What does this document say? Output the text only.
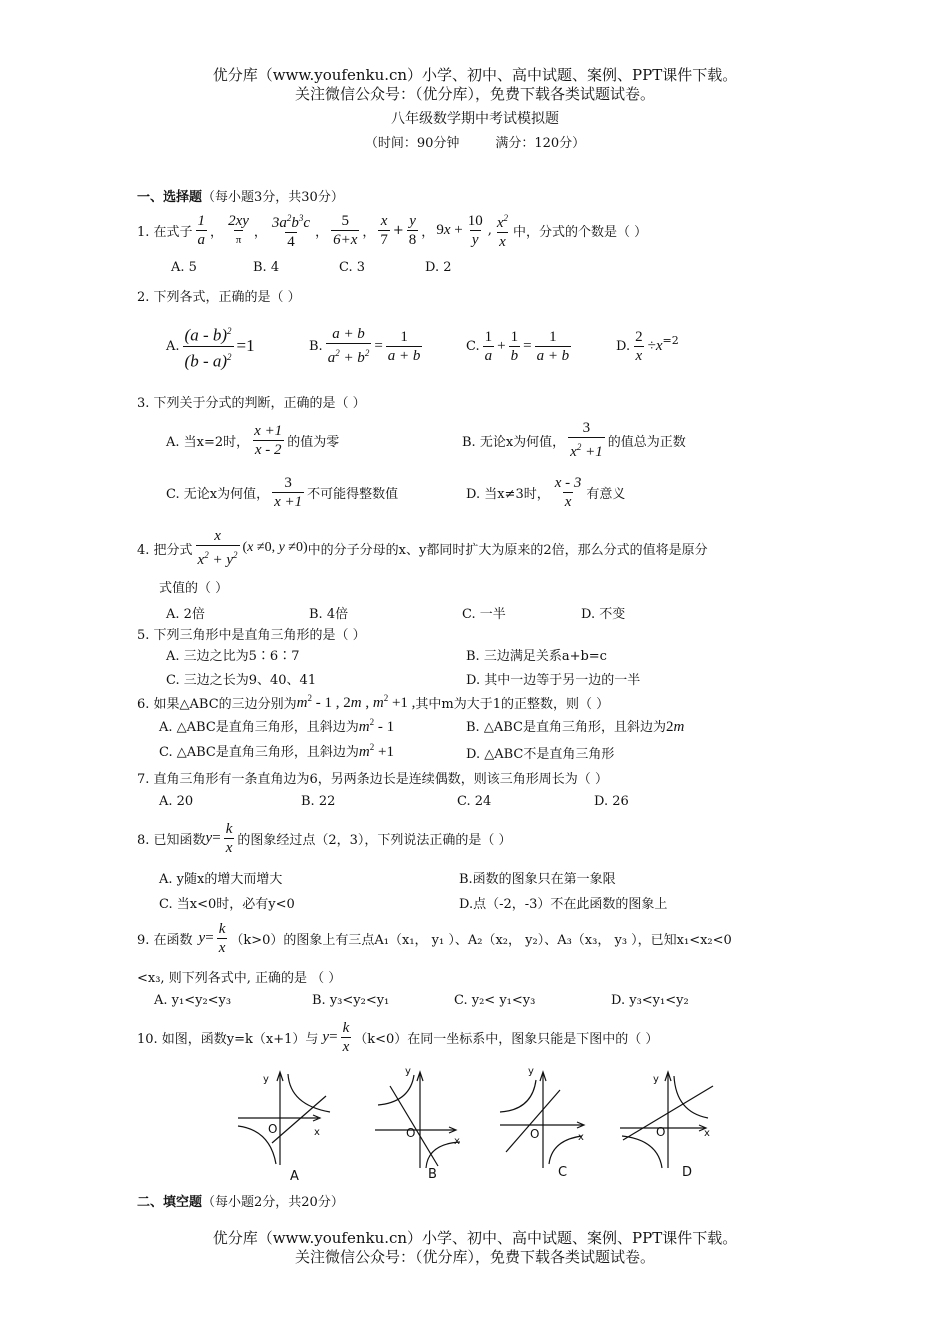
优分库（www.youfenku.cn）小学、初中、高中试题、案例、PPT课件下载。
关注微信公众号：（优分库），免费下载各类试题试卷。
八年级数学期中考试模拟题
（时间：90分钟	满分：120分）
一、选择题（每小题3分，共30分）
1. 在式子 $\frac{1}{a}$ ， $\frac{2xy}{\pi}$ ， $\frac{3a^2b^3c}{4}$ ， $\frac{5}{6+x}$ ， $\frac{x}{7} + \frac{y}{8}$ ， $9x + \frac{10}{y}$ , $\frac{x^2}{x}$ 中，分式的个数是（ ）
A. 5	B. 4	C. 3	D. 2
2. 下列各式，正确的是（ ）
A. $\frac{(a - b)^2}{(b - a)^2} =1$	B. $\frac{a + b}{a^2 + b^2} = \frac{1}{a + b}$	C. $\frac{1}{a} + \frac{1}{b} = \frac{1}{a + b}$	D. $\frac{2}{x} \div x =2$
3. 下列关于分式的判断，正确的是（ ）
A. 当x=2时， $\frac{x +1}{x - 2}$ 的值为零	B. 无论x为何值， $\frac{3}{x^2 +1}$ 的值总为正数
C. 无论x为何值， $\frac{3}{x +1}$ 不可能得整数值	D. 当x≠3时， $\frac{x - 3}{x}$ 有意义
4. 把分式 $\frac{x}{x^2 + y^2} (x \ne 0$, y ≠0) 中的分子分母的x、y都同时扩大为原来的2倍，那么分式的值将是原分
式值的（ ）
A. 2倍	B. 4倍	C. 一半	D. 不变
5. 下列三角形中是直角三角形的是（ ）
A. 三边之比为5∶6∶7	B. 三边满足关系a+b=c
C. 三边之长为9、40、41	D. 其中一边等于另一边的一半
6. 如果△ABC的三边分别为 $m^2 - 1$ , 2m , $m^2 +1$ , 其中m为大于1的正整数，则（ ）
A. △ABC是直角三角形，且斜边为$m^2 - 1$	B. △ABC是直角三角形，且斜边为2m
C. △ABC是直角三角形，且斜边为$m^2 +1$	D. △ABC不是直角三角形
7. 直角三角形有一条直角边为6，另两条边长是连续偶数，则该三角形周长为（ ）
A. 20	B. 22	C. 24	D. 26
8. 已知函数 $y = \frac{k}{x}$ 的图象经过点（2，3），下列说法正确的是（ ）
A. y随x的增大而增大	B.函数的图象只在第一象限
C. 当x<0时，必有y<0	D.点（-2，-3）不在此函数的图象上
9. 在函数 $y = \frac{k}{x} (k>0)$的图象上有三点A₁（x₁， y₁ ）、A₂（x₂， y₂）、A₃（x₃， y₃ ），已知x₁<x₂<0
<x₃, 则下列各式中, 正确的是 （ ）
A. y₁<y₂<y₃	B. y₃<y₂<y₁	C. y₂< y₁<y₃	D. y₃<y₁<y₂
10. 如图，函数y=k（x+1）与 $y = \frac{k}{x} (k<0)$在同一坐标系中，图象只能是下图中的（ ）
y
x
O
A
y
x
O
B
y
x
O
C
y
x
O
D
二、填空题（每小题2分，共20分）
优分库（www.youfenku.cn）小学、初中、高中试题、案例、PPT课件下载。
关注微信公众号：（优分库），免费下载各类试题试卷。
